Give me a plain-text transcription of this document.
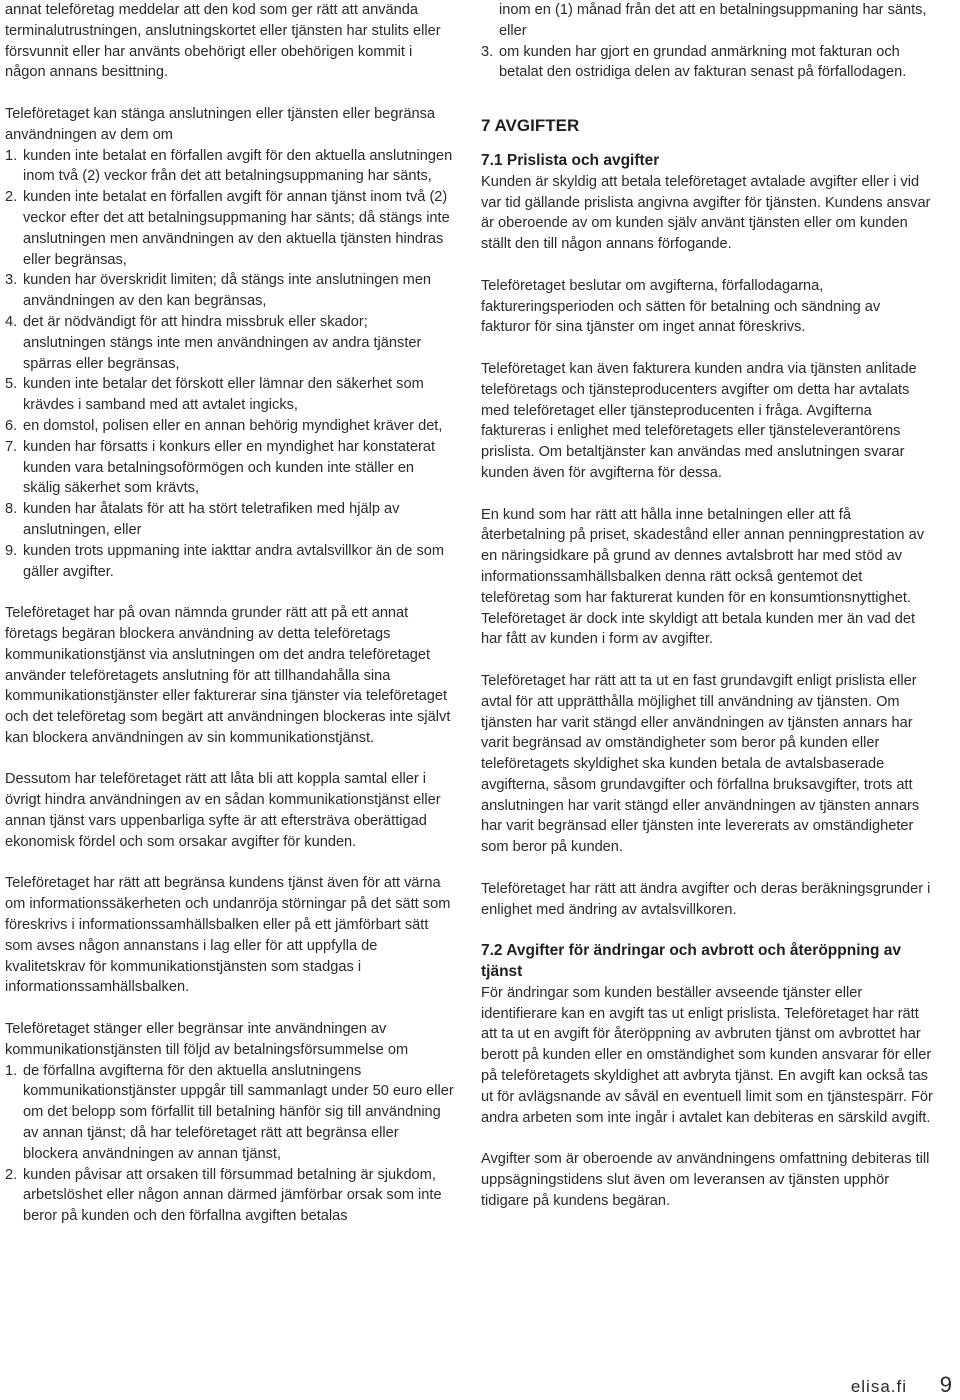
annat teleföretag meddelar att den kod som ger rätt att använda terminalutrustningen, anslutningskortet eller tjänsten har stulits eller försvunnit eller har använts obehörigt eller obehörigen kommit i någon annans besittning.

Teleföretaget kan stänga anslutningen eller tjänsten eller begränsa användningen av dem om

1. kunden inte betalat en förfallen avgift för den aktuella anslutningen inom två (2) veckor från det att betalningsuppmaning har sänts,
2. kunden inte betalat en förfallen avgift för annan tjänst inom två (2) veckor efter det att betalningsuppmaning har sänts; då stängs inte anslutningen men användningen av den aktuella tjänsten hindras eller begränsas,
3. kunden har överskridit limiten; då stängs inte anslutningen men användningen av den kan begränsas,
4. det är nödvändigt för att hindra missbruk eller skador; anslutningen stängs inte men användningen av andra tjänster spärras eller begränsas,
5. kunden inte betalar det förskott eller lämnar den säkerhet som krävdes i samband med att avtalet ingicks,
6. en domstol, polisen eller en annan behörig myndighet kräver det,
7. kunden har försatts i konkurs eller en myndighet har konstaterat kunden vara betalningsoförmögen och kunden inte ställer en skälig säkerhet som krävts,
8. kunden har åtalats för att ha stört teletrafiken med hjälp av anslutningen, eller
9. kunden trots uppmaning inte iakttar andra avtalsvillkor än de som gäller avgifter.

Teleföretaget har på ovan nämnda grunder rätt att på ett annat företags begäran blockera användning av detta teleföretags kommunikationstjänst via anslutningen om det andra teleföretaget använder teleföretagets anslutning för att tillhandahålla sina kommunikationstjänster eller fakturerar sina tjänster via teleföretaget och det teleföretag som begärt att användningen blockeras inte självt kan blockera användningen av sin kommunikationstjänst.

Dessutom har teleföretaget rätt att låta bli att koppla samtal eller i övrigt hindra användningen av en sådan kommunikationstjänst eller annan tjänst vars uppenbarliga syfte är att eftersträva oberättigad ekonomisk fördel och som orsakar avgifter för kunden.

Teleföretaget har rätt att begränsa kundens tjänst även för att värna om informationssäkerheten och undanröja störningar på det sätt som föreskrivs i informationssamhällsbalken eller på ett jämförbart sätt som avses någon annanstans i lag eller för att uppfylla de kvalitetskrav för kommunikationstjänsten som stadgas i informationssamhällsbalken.

Teleföretaget stänger eller begränsar inte användningen av kommunikationstjänsten till följd av betalningsförsummelse om

1. de förfallna avgifterna för den aktuella anslutningens kommunikationstjänster uppgår till sammanlagt under 50 euro eller om det belopp som förfallit till betalning hänför sig till användning av annan tjänst; då har teleföretaget rätt att begränsa eller blockera användningen av annan tjänst,
2. kunden påvisar att orsaken till försummad betalning är sjukdom, arbetslöshet eller någon annan därmed jämförbar orsak som inte beror på kunden och den förfallna avgiften betalas
inom en (1) månad från det att en betalningsuppmaning har sänts, eller
3. om kunden har gjort en grundad anmärkning mot fakturan och betalat den ostridiga delen av fakturan senast på förfallodagen.
7 AVGIFTER
7.1 Prislista och avgifter

Kunden är skyldig att betala teleföretaget avtalade avgifter eller i vid var tid gällande prislista angivna avgifter för tjänsten. Kundens ansvar är oberoende av om kunden själv använt tjänsten eller om kunden ställt den till någon annans förfogande.

Teleföretaget beslutar om avgifterna, förfallodagarna, faktureringsperioden och sätten för betalning och sändning av fakturor för sina tjänster om inget annat föreskrivs.

Teleföretaget kan även fakturera kunden andra via tjänsten anlitade teleföretags och tjänsteproducenters avgifter om detta har avtalats med teleföretaget eller tjänsteproducenten i fråga. Avgifterna faktureras i enlighet med teleföretagets eller tjänsteleverantörens prislista. Om betaltjänster kan användas med anslutningen svarar kunden även för avgifterna för dessa.

En kund som har rätt att hålla inne betalningen eller att få återbetalning på priset, skadestånd eller annan penningprestation av en näringsidkare på grund av dennes avtalsbrott har med stöd av informationssamhällsbalken denna rätt också gentemot det teleföretag som har fakturerat kunden för en konsumtionsnyttighet. Teleföretaget är dock inte skyldigt att betala kunden mer än vad det har fått av kunden i form av avgifter.

Teleföretaget har rätt att ta ut en fast grundavgift enligt prislista eller avtal för att upprätthålla möjlighet till användning av tjänsten. Om tjänsten har varit stängd eller användningen av tjänsten annars har varit begränsad av omständigheter som beror på kunden eller teleföretagets skyldighet ska kunden betala de avtalsbaserade avgifterna, såsom grundavgifter och förfallna bruksavgifter, trots att anslutningen har varit stängd eller användningen av tjänsten annars har varit begränsad eller tjänsten inte levererats av omständigheter som beror på kunden.

Teleföretaget har rätt att ändra avgifter och deras beräkningsgrunder i enlighet med ändring av avtalsvillkoren.

7.2 Avgifter för ändringar och avbrott och återöppning av tjänst

För ändringar som kunden beställer avseende tjänster eller identifierare kan en avgift tas ut enligt prislista. Teleföretaget har rätt att ta ut en avgift för återöppning av avbruten tjänst om avbrottet har berott på kunden eller en omständighet som kunden ansvarar för eller på teleföretagets skyldighet att avbryta tjänst. En avgift kan också tas ut för avlägsnande av såväl en eventuell limit som en tjänstespärr. För andra arbeten som inte ingår i avtalet kan debiteras en särskild avgift.

Avgifter som är oberoende av användningens omfattning debiteras till uppsägningstidens slut även om leveransen av tjänsten upphör tidigare på kundens begäran.

elisa.fi 9
